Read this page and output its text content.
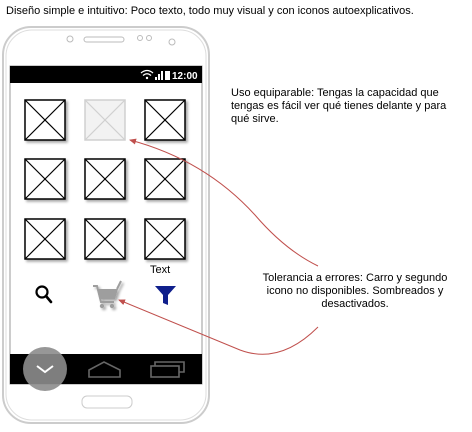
Diseño simple e intuitivo: Poco texto, todo muy visual y con iconos autoexplicativos.
12:00
Text
Uso equiparable: Tengas la capacidad que tengas es fácil ver qué tienes delante y para qué sirve.
Tolerancia a errores: Carro y segundo icono no disponibles. Sombreados y desactivados.
